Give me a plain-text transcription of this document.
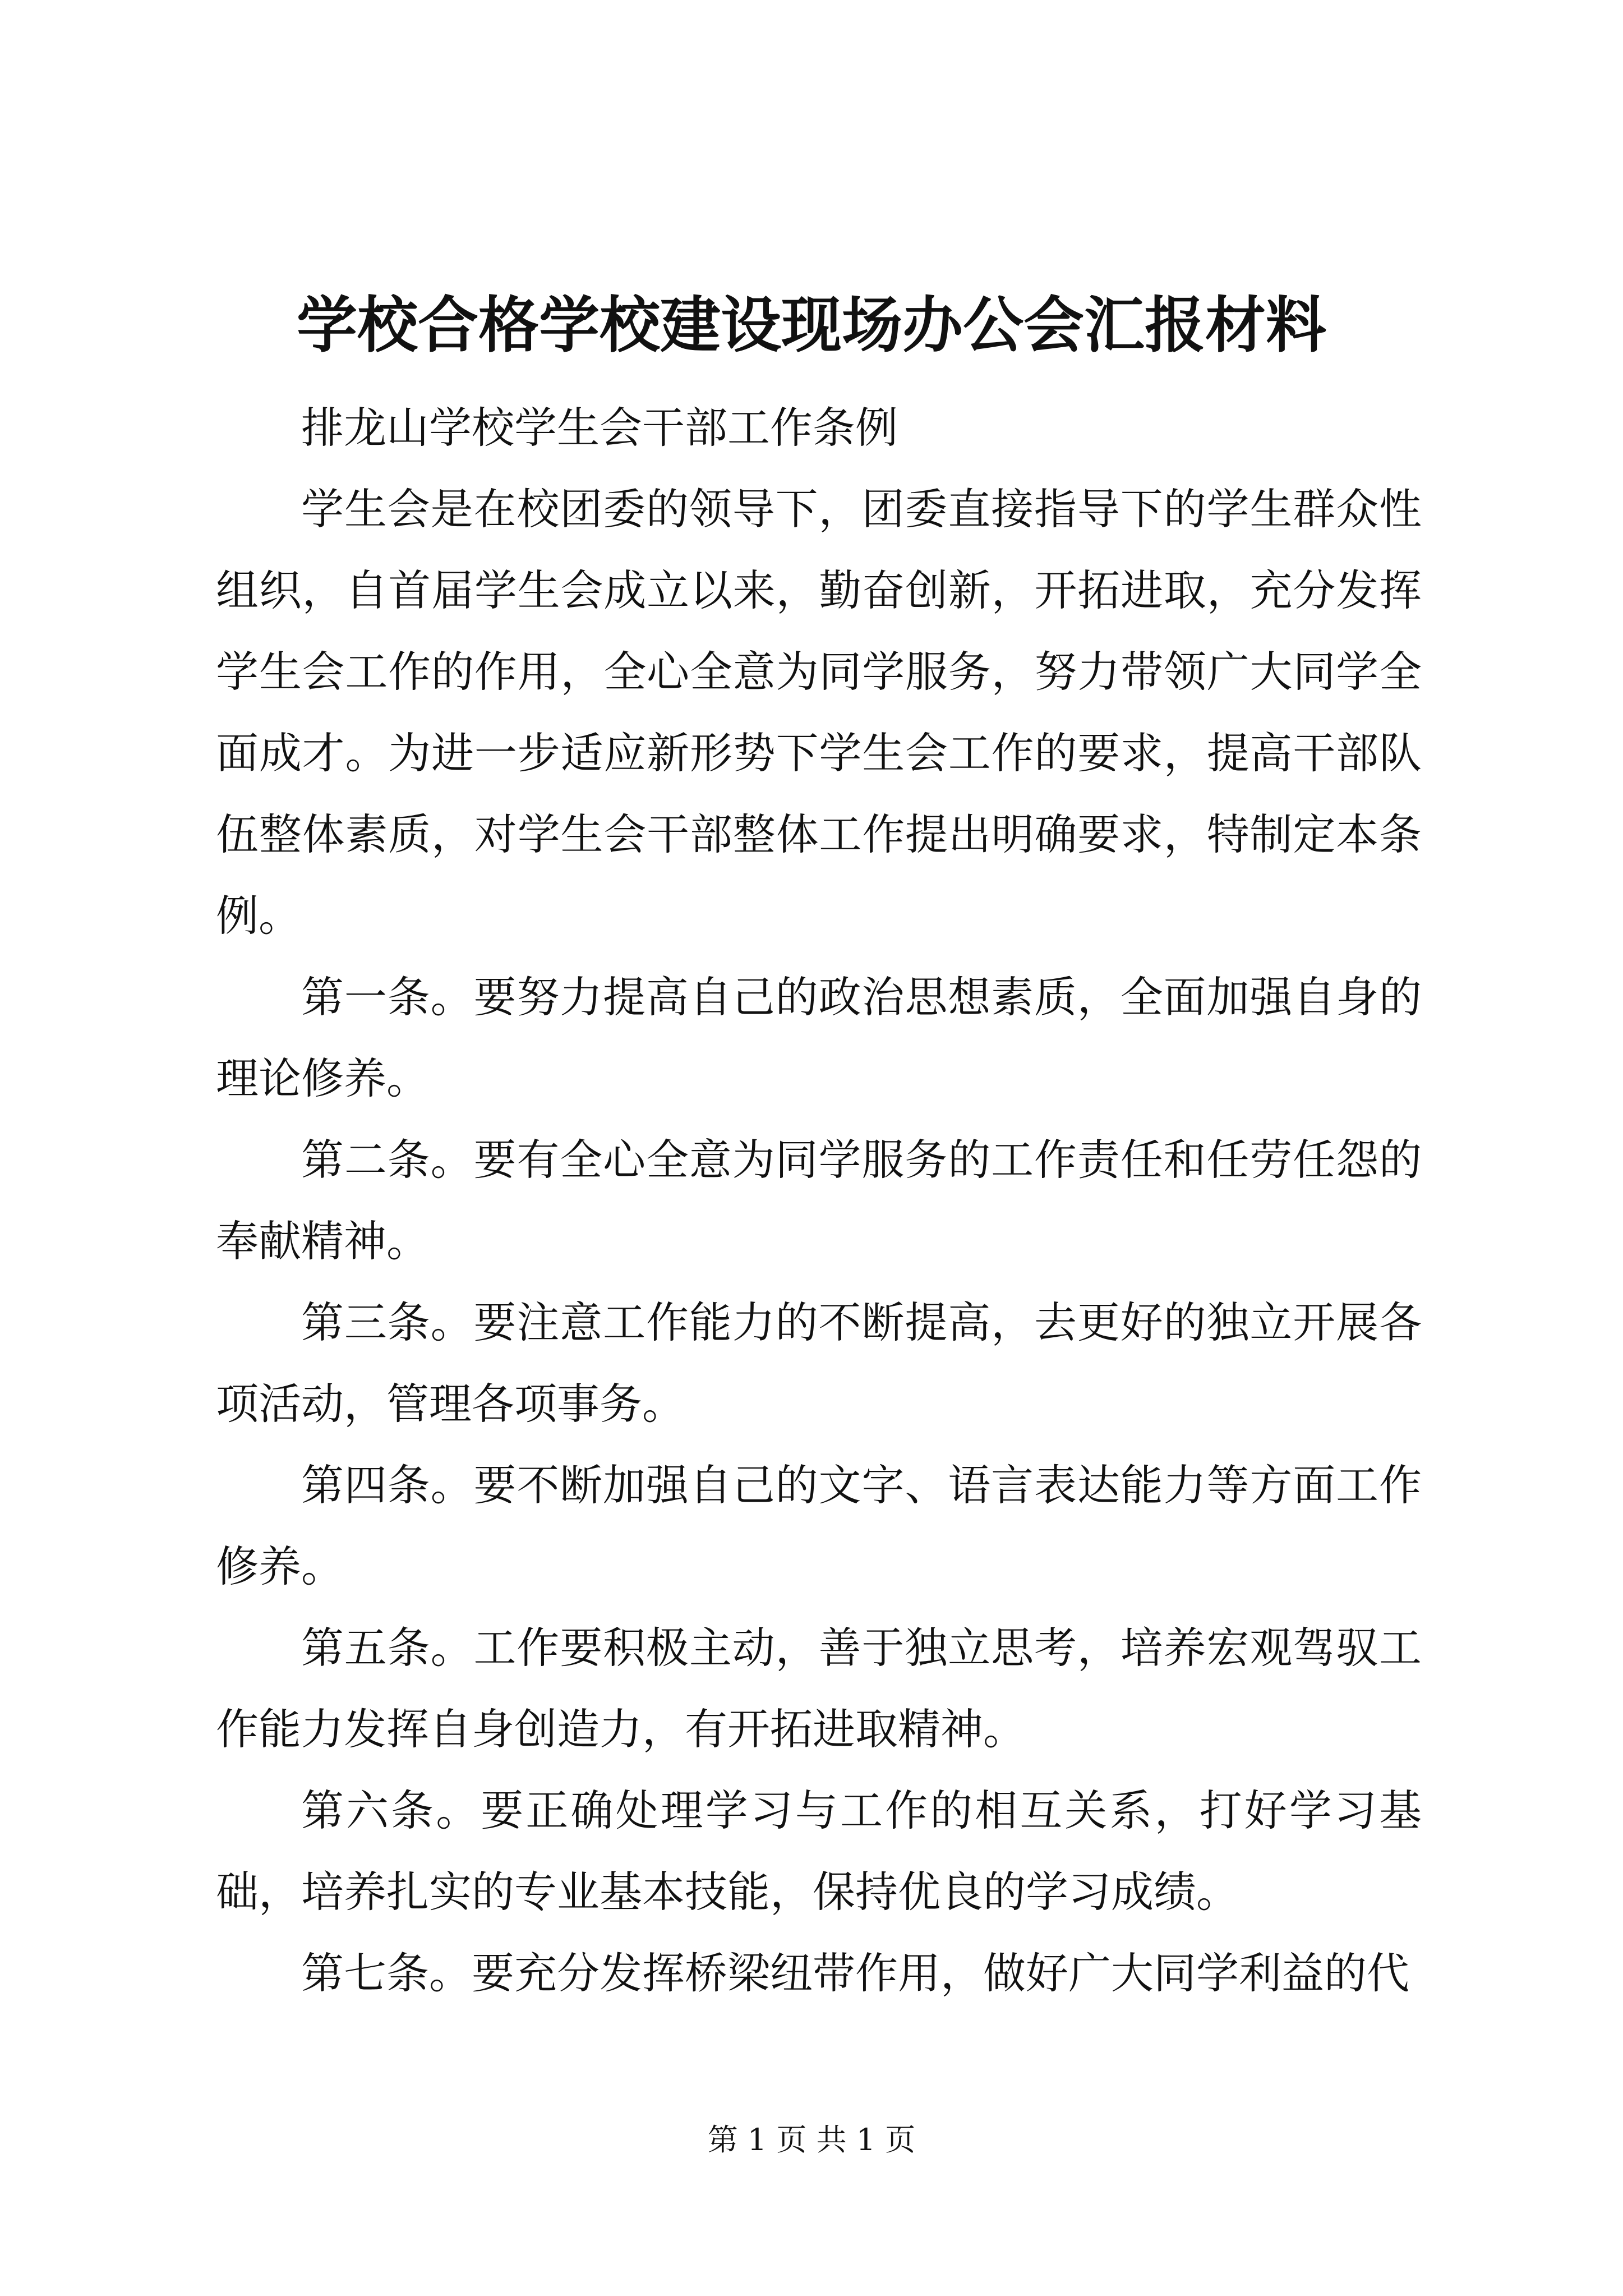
学校合格学校建设现场办公会汇报材料

排龙山学校学生会干部工作条例

学生会是在校团委的领导下，团委直接指导下的学生群众性组织，自首届学生会成立以来，勤奋创新，开拓进取，充分发挥学生会工作的作用，全心全意为同学服务，努力带领广大同学全面成才。为进一步适应新形势下学生会工作的要求，提高干部队伍整体素质，对学生会干部整体工作提出明确要求，特制定本条例。

第一条。要努力提高自己的政治思想素质，全面加强自身的理论修养。

第二条。要有全心全意为同学服务的工作责任和任劳任怨的奉献精神。

第三条。要注意工作能力的不断提高，去更好的独立开展各项活动，管理各项事务。

第四条。要不断加强自己的文字、语言表达能力等方面工作修养。

第五条。工作要积极主动，善于独立思考，培养宏观驾驭工作能力发挥自身创造力，有开拓进取精神。

第六条。要正确处理学习与工作的相互关系，打好学习基础，培养扎实的专业基本技能，保持优良的学习成绩。

第七条。要充分发挥桥梁纽带作用，做好广大同学利益的代

第 1 页 共 1 页
